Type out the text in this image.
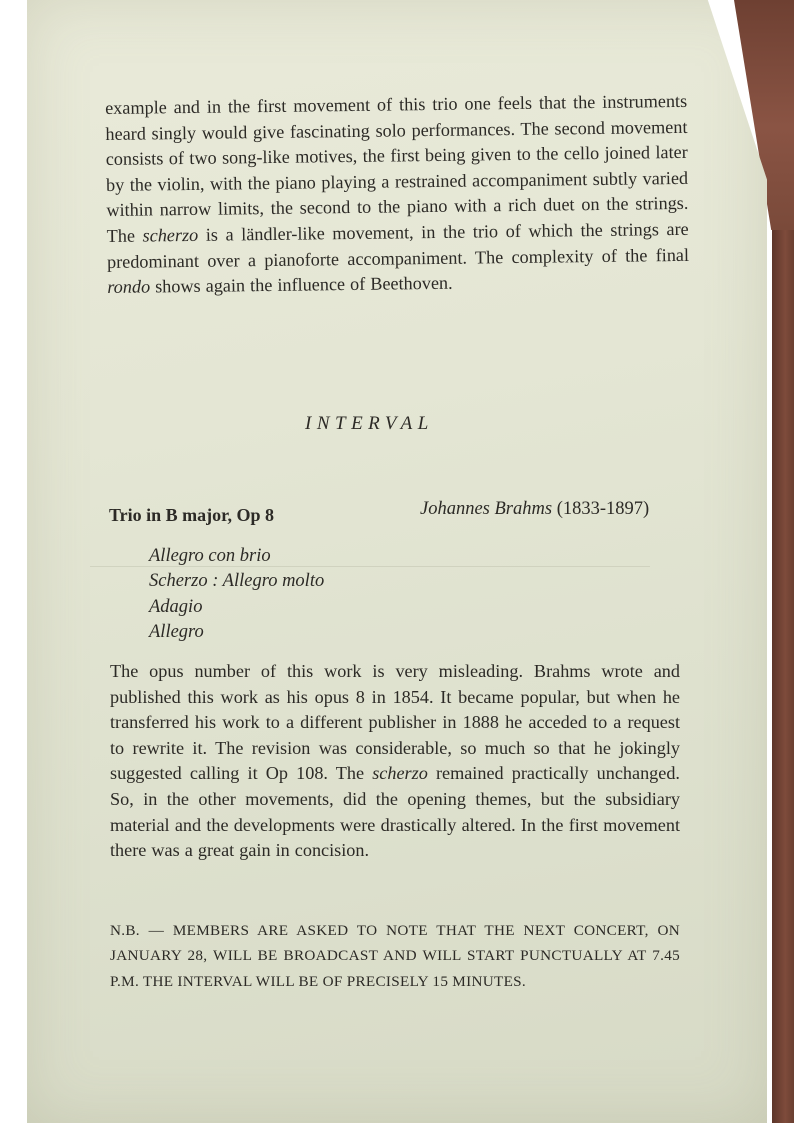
example and in the first movement of this trio one feels that the instruments heard singly would give fascinating solo performances. The second movement consists of two song-like motives, the first being given to the cello joined later by the violin, with the piano playing a restrained accompaniment subtly varied within narrow limits, the second to the piano with a rich duet on the strings. The scherzo is a ländler-like movement, in the trio of which the strings are predominant over a pianoforte accompaniment. The complexity of the final rondo shows again the influence of Beethoven.

INTERVAL
Trio in B major, Op 8	Johannes Brahms (1833-1897)
Allegro con brio
Scherzo : Allegro molto
Adagio
Allegro

The opus number of this work is very misleading. Brahms wrote and published this work as his opus 8 in 1854. It became popular, but when he transferred his work to a different publisher in 1888 he acceded to a request to rewrite it. The revision was considerable, so much so that he jokingly suggested calling it Op 108. The scherzo remained practically unchanged. So, in the other movements, did the opening themes, but the subsidiary material and the developments were drastically altered. In the first movement there was a great gain in concision.

N.B. — MEMBERS ARE ASKED TO NOTE THAT THE NEXT CONCERT, ON JANUARY 28, WILL BE BROADCAST AND WILL START PUNCTUALLY AT 7.45 P.M. THE INTERVAL WILL BE OF PRECISELY 15 MINUTES.
